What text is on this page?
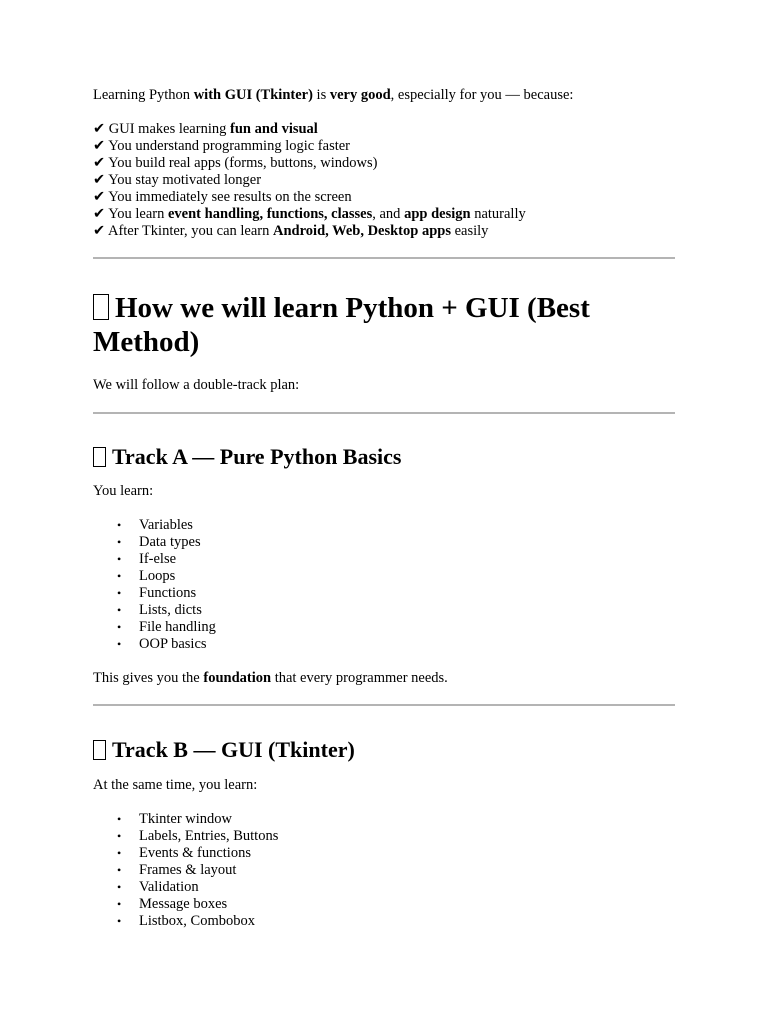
Learning Python with GUI (Tkinter) is very good, especially for you — because:

✔ GUI makes learning fun and visual
✔ You understand programming logic faster
✔ You build real apps (forms, buttons, windows)
✔ You stay motivated longer
✔ You immediately see results on the screen
✔ You learn event handling, functions, classes, and app design naturally
✔ After Tkinter, you can learn Android, Web, Desktop apps easily
How we will learn Python + GUI (Best Method)

We will follow a double-track plan:

Track A — Pure Python Basics

You learn:

• Variables
• Data types
• If-else
• Loops
• Functions
• Lists, dicts
• File handling
• OOP basics

This gives you the foundation that every programmer needs.

Track B — GUI (Tkinter)

At the same time, you learn:

• Tkinter window
• Labels, Entries, Buttons
• Events & functions
• Frames & layout
• Validation
• Message boxes
• Listbox, Combobox
